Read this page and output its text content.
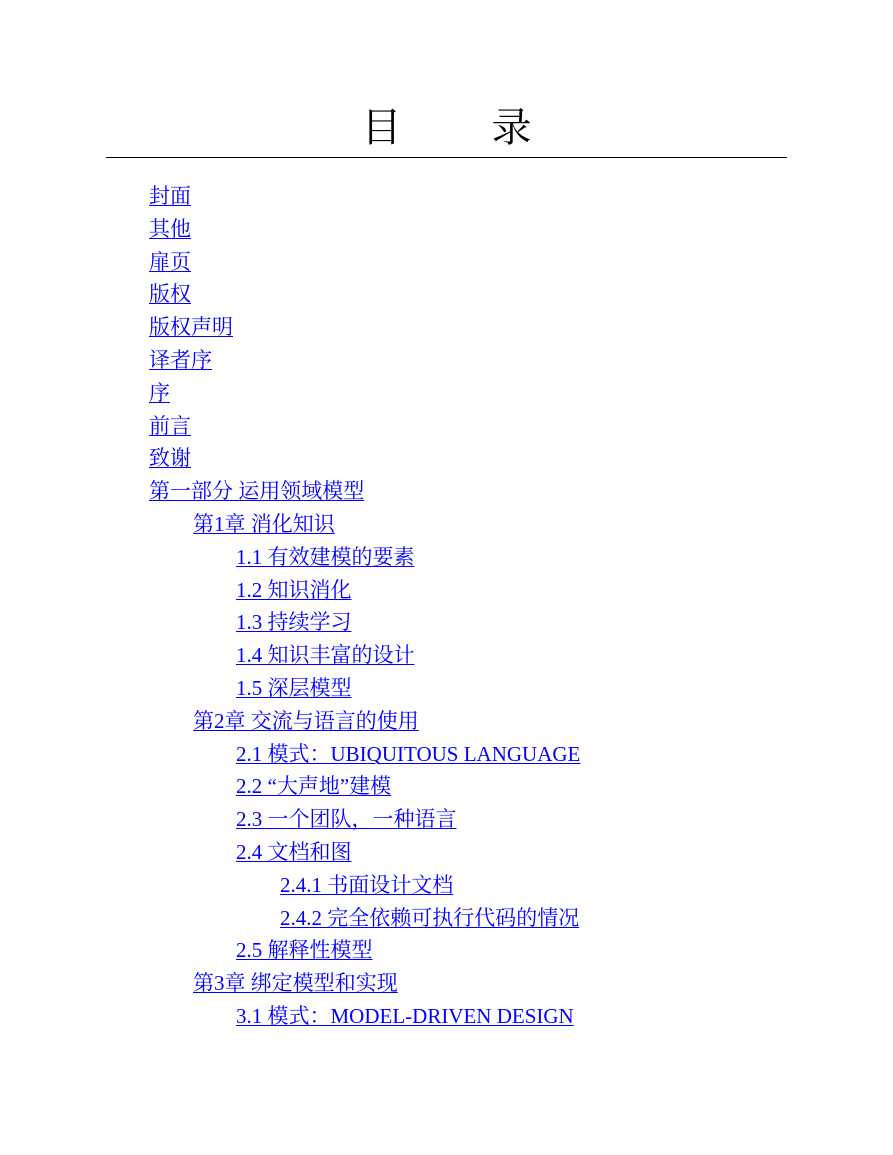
目 录
封面
其他
扉页
版权
版权声明
译者序
序
前言
致谢
第一部分 运用领域模型
第1章 消化知识
1.1 有效建模的要素
1.2 知识消化
1.3 持续学习
1.4 知识丰富的设计
1.5 深层模型
第2章 交流与语言的使用
2.1 模式：UBIQUITOUS LANGUAGE
2.2 “大声地”建模
2.3 一个团队，一种语言
2.4 文档和图
2.4.1 书面设计文档
2.4.2 完全依赖可执行代码的情况
2.5 解释性模型
第3章 绑定模型和实现
3.1 模式：MODEL-DRIVEN DESIGN
